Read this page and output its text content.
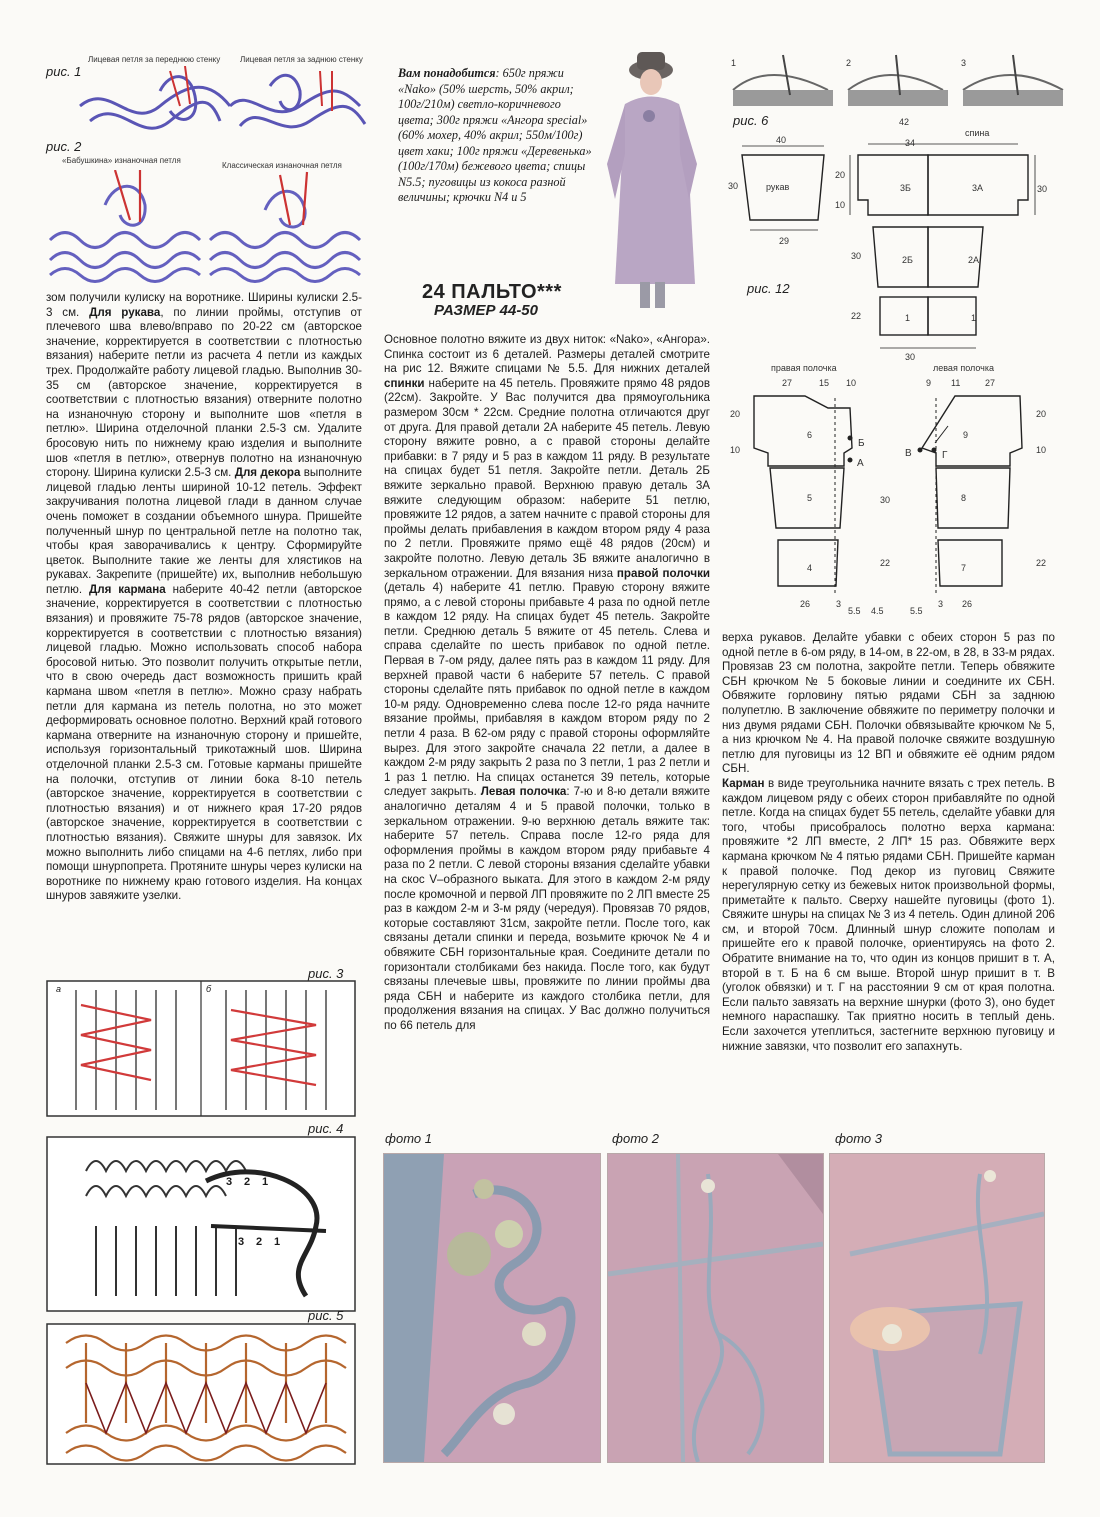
рис. 1
Лицевая петля за переднюю стенку Лицевая петля за заднюю стенку
рис. 2
«Бабушкина» изнаночная петля
Классическая изнаночная петля
Вам понадобится: 650г пряжи «Nako» (50% шерсть, 50% акрил; 100г/210м) светло-коричневого цвета; 300г пряжи «Ангора special» (60% мохер, 40% акрил; 550м/100г) цвет хаки; 100г пряжи «Деревенька» (100г/170м) бежевого цвета; спицы N5.5; пуговицы из кокоса разной величины; крючки N4 и 5
24 ПАЛЬТО***
РАЗМЕР 44-50
1	2	3
рис. 6	42
спина
34
40
30	рукав
29
рис. 12
20
10
30
30
22
30
3Б	3А
2Б	2А
1	1
правая полочка	левая полочка
27	15 10	9 11	27
20
10
30
22
20
10
22
6
5
4
9
8
7
Б
А
В	Г
26	3
5.5 4.5	5.5
3 26

зом получили кулиску на воротнике. Ширины кулиски 2.5-3 см. Для рукава, по линии проймы, отступив от плечевого шва влево/вправо по 20-22 см (авторское значение, корректируется в соответствии с плотностью вязания) наберите петли из расчета 4 петли из каждых трех. Продолжайте работу лицевой гладью. Выполнив 30-35 см (авторское значение, корректируется в соответствии с плотностью вязания) отверните полотно на изнаночную сторону и выполните шов «петля в петлю». Ширина отделочной планки 2.5-3 см. Удалите бросовую нить по нижнему краю изделия и выполните шов «петля в петлю», отвернув полотно на изнаночную сторону. Ширина кулиски 2.5-3 см. Для декора выполните лицевой гладью ленты шириной 10-12 петель. Эффект закручивания полотна лицевой глади в данном случае очень поможет в создании объемного шнура. Пришейте полученный шнур по центральной петле на полотно так, чтобы края заворачивались к центру. Сформируйте цветок. Выполните такие же ленты для хлястиков на рукавах. Закрепите (пришейте) их, выполнив небольшую петлю. Для кармана наберите 40-42 петли (авторское значение, корректируется в соответствии с плотностью вязания) и провяжите 75-78 рядов (авторское значение, корректируется в соответствии с плотностью вязания) лицевой гладью. Можно использовать способ набора бросовой нитью. Это позволит получить открытые петли, что в свою очередь даст возможность пришить край кармана швом «петля в петлю». Можно сразу набрать петли для кармана из петель полотна, но это может деформировать основное полотно. Верхний край готового кармана отверните на изнаночную сторону и пришейте, используя горизонтальный трикотажный шов. Ширина отделочной планки 2.5-3 см. Готовые карманы пришейте на полочки, отступив от линии бока 8-10 петель (авторское значение, корректируется в соответствии с плотностью вязания) и от нижнего края 17-20 рядов (авторское значение, корректируется в соответствии с плотностью вязания). Свяжите шнуры для завязок. Их можно выполнить либо спицами на 4-6 петлях, либо при помощи шнурпопрета. Протяните шнуры через кулиски на воротнике по нижнему краю готового изделия. На концах шнуров завяжите узелки.

Основное полотно вяжите из двух ниток: «Nako», «Ангора». Спинка состоит из 6 деталей. Размеры деталей смотрите на рис 12. Вяжите спицами № 5.5. Для нижних деталей спинки наберите на 45 петель. Провяжите прямо 48 рядов (22см). Закройте. У Вас получится два прямоугольника размером 30см * 22см. Средние полотна отличаются друг от друга. Для правой детали 2А наберите 45 петель. Левую сторону вяжите ровно, а с правой стороны делайте прибавки: в 7 ряду и 5 раз в каждом 11 ряду. В результате на спицах будет 51 петля. Закройте петли. Деталь 2Б вяжите зеркально правой. Верхнюю правую деталь 3А вяжите следующим образом: наберите 51 петлю, провяжите 12 рядов, а затем начните с правой стороны для проймы делать прибавления в каждом втором ряду 4 раза по 2 петли. Провяжите прямо ещё 48 рядов (20см) и закройте полотно. Левую деталь 3Б вяжите аналогично в зеркальном отражении. Для вязания низа правой полочки (деталь 4) наберите 41 петлю. Правую сторону вяжите прямо, а с левой стороны прибавьте 4 раза по одной петле в каждом 12 ряду. На спицах будет 45 петель. Закройте петли. Среднюю деталь 5 вяжите от 45 петель. Слева и справа сделайте по шесть прибавок по одной петле. Первая в 7-ом ряду, далее пять раз в каждом 11 ряду. Для верхней правой части 6 наберите 57 петель. С правой стороны сделайте пять прибавок по одной петле в каждом 10-м ряду. Одновременно слева после 12-го ряда начните вязание проймы, прибавляя в каждом втором ряду по 2 петли 4 раза. В 62-ом ряду с правой стороны оформляйте вырез. Для этого закройте сначала 22 петли, а далее в каждом 2-м ряду закрыть 2 раза по 3 петли, 1 раз 2 петли и 1 раз 1 петлю. На спицах останется 39 петель, которые следует закрыть. Левая полочка: 7-ю и 8-ю детали вяжите аналогично деталям 4 и 5 правой полочки, только в зеркальном отражении. 9-ю верхнюю деталь вяжите так: наберите 57 петель. Справа после 12-го ряда для оформления проймы в каждом втором ряду прибавьте 4 раза по 2 петли. С левой стороны вязания сделайте убавки на скос V–образного выката. Для этого в каждом 2-м ряду после кромочной и первой ЛП провяжите по 2 ЛП вместе 25 раз в каждом 2-м и 3-м ряду (чередуя). Провязав 70 рядов, которые составляют 31см, закройте петли. После того, как связаны детали спинки и переда, возьмите крючок № 4 и обвяжите СБН горизонтальные края. Соедините детали по горизонтали столбиками без накида. После того, как будут связаны плечевые швы, провяжите по линии проймы два ряда СБН и наберите из каждого столбика петли, для продолжения вязания на спицах. У Вас должно получиться по 66 петель для

верха рукавов. Делайте убавки с обеих сторон 5 раз по одной петле в 6-ом ряду, в 14-ом, в 22-ом, в 28, в 33-м рядах. Провязав 23 см полотна, закройте петли. Теперь обвяжите СБН крючком № 5 боковые линии и соедините их СБН. Обвяжите горловину пятью рядами СБН за заднюю полупетлю. В заключение обвяжите по периметру полочки и низ двумя рядами СБН. Полочки обвязывайте крючком № 5, а низ крючком № 4. На правой полочке свяжите воздушную петлю для пуговицы из 12 ВП и обвяжите её одним рядом СБН.

Карман в виде треугольника начните вязать с трех петель. В каждом лицевом ряду с обеих сторон прибавляйте по одной петле. Когда на спицах будет 55 петель, сделайте убавки для того, чтобы присобралось полотно верха кармана: провяжите *2 ЛП вместе, 2 ЛП* 15 раз. Обвяжите верх кармана крючком № 4 пятью рядами СБН. Пришейте карман к правой полочке. Под декор из пуговиц Свяжите нерегулярную сетку из бежевых ниток произвольной формы, приметайте к пальто. Сверху нашейте пуговицы (фото 1). Свяжите шнуры на спицах № 3 из 4 петель. Один длиной 206 см, и второй 70см. Длинный шнур сложите пополам и пришейте его к правой полочке, ориентируясь на фото 2. Обратите внимание на то, что один из концов пришит в т. А, второй в т. Б на 6 см выше. Второй шнур пришит в т. В (уголок обвязки) и т. Г на расстоянии 9 см от края полотна. Если пальто завязать на верхние шнурки (фото 3), оно будет немного нараспашку. Так приятно носить в теплый день. Если захочется утеплиться, застегните верхнюю пуговицу и нижние завязки, что позволит его запахнуть.

рис. 3
а	б
рис. 4
3 2 1
3 2 1
рис. 5
фото 1	фото 2	фото 3
